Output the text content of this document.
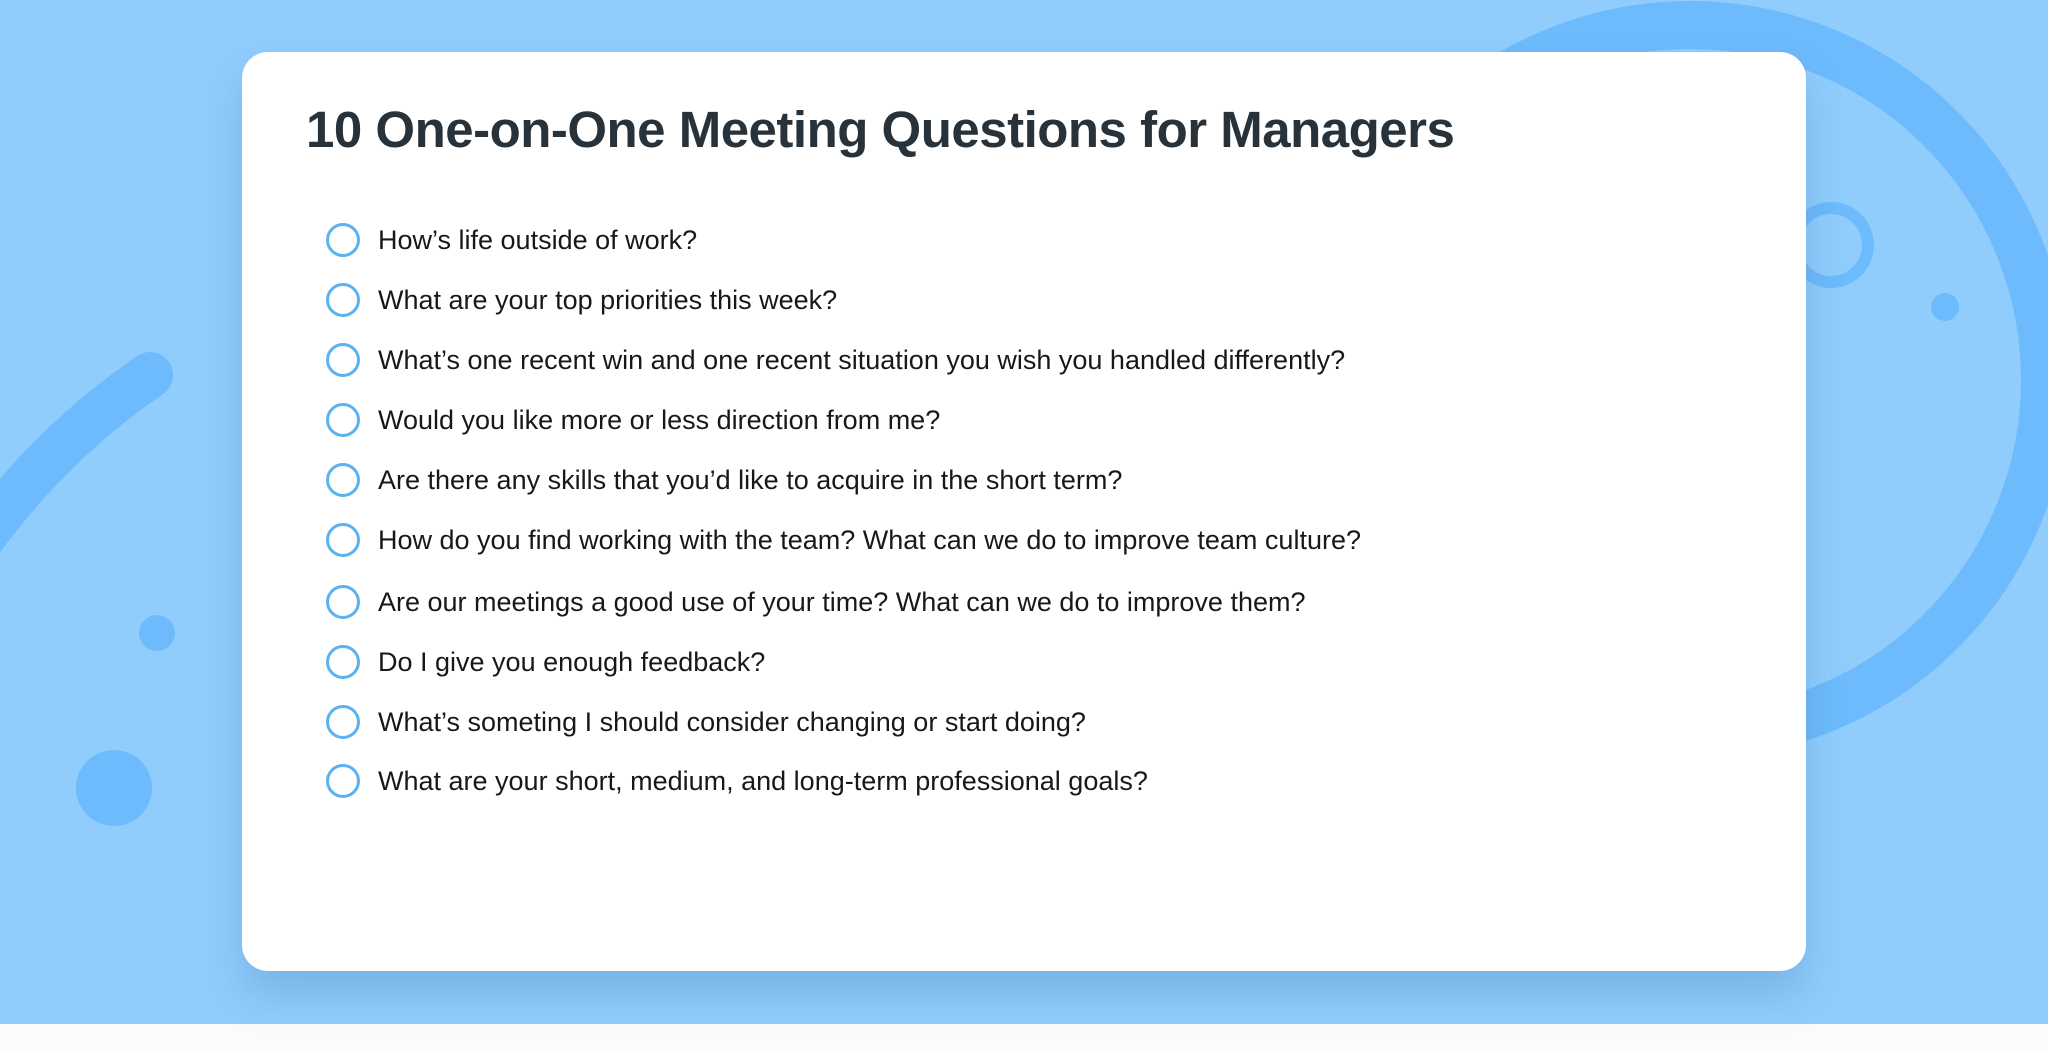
10 One-on-One Meeting Questions for Managers
How’s life outside of work?
What are your top priorities this week?
What’s one recent win and one recent situation you wish you handled differently?
Would you like more or less direction from me?
Are there any skills that you’d like to acquire in the short term?
How do you find working with the team? What can we do to improve team culture?
Are our meetings a good use of your time? What can we do to improve them?
Do I give you enough feedback?
What’s someting I should consider changing or start doing?
What are your short, medium, and long-term professional goals?
